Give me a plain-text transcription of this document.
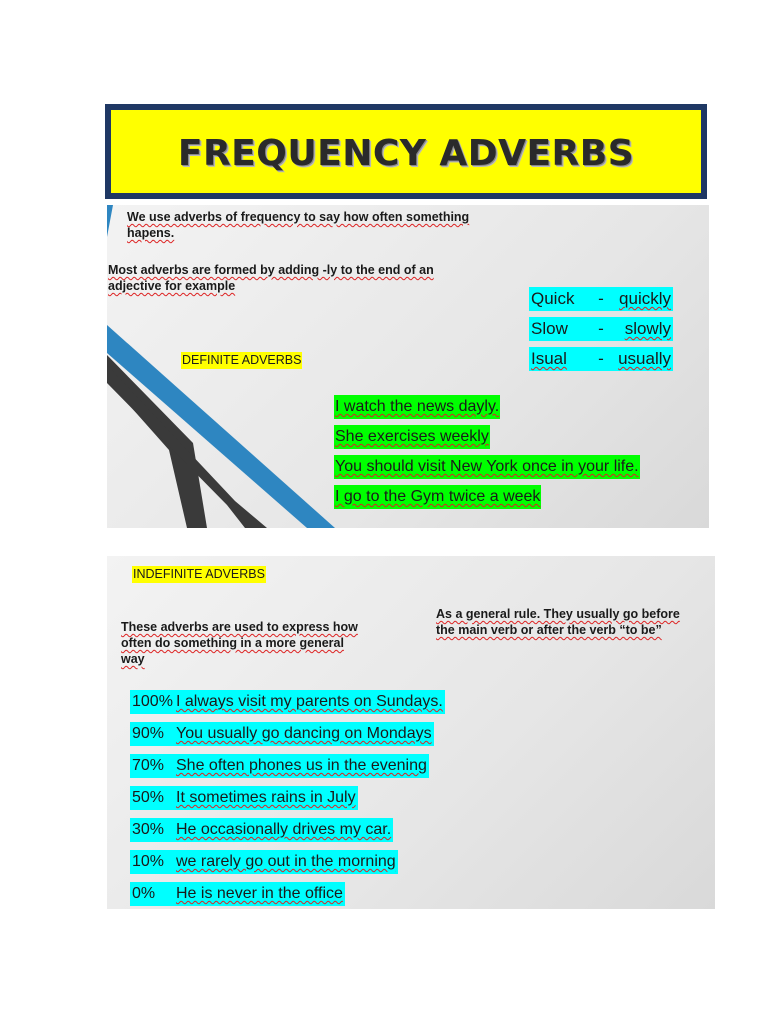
FREQUENCY ADVERBS
We use adverbs of frequency to say how often something
hapens.
Most adverbs are formed by adding -ly to the end of an
adjective for example
DEFINITE ADVERBS
Quick	- quickly
Slow	-	slowly
Isual	- usually
I watch the news dayly.
She exercises weekly
You should visit New York once in your life.
I go to the Gym twice a week
INDEFINITE ADVERBS
These adverbs are used to express how
often do something in a more general
way
As a general rule. They usually go before
the main verb or after the verb “to be”
100% I always visit my parents on Sundays.
90% You usually go dancing on Mondays
70% She often phones us in the evening
50% It sometimes rains in July
30% He occasionally drives my car.
10% we rarely go out in the morning
0% He is never in the office
